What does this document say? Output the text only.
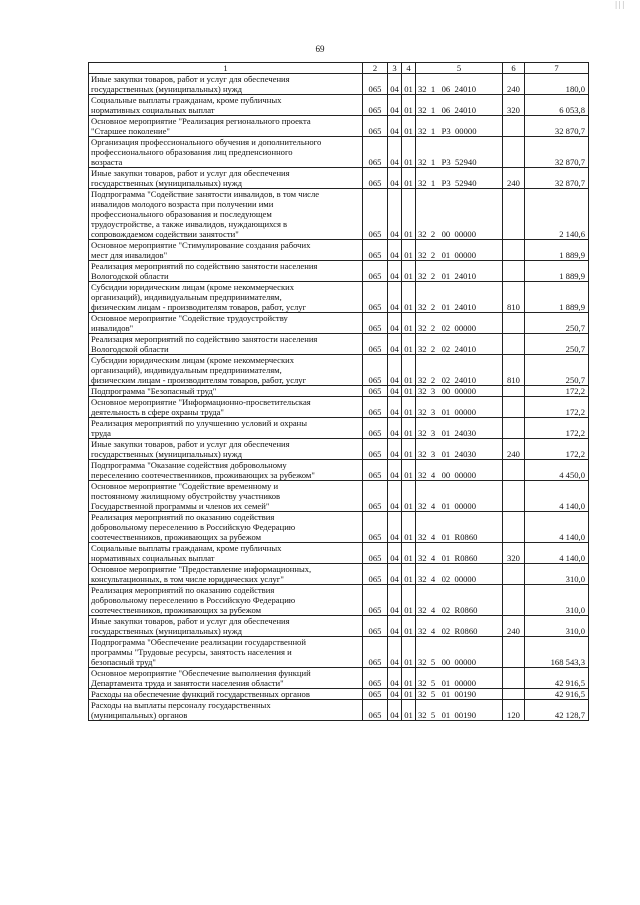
| | |
69
1	2	3	4	5	6	7
Иные закупки товаров, работ и услуг для обеспечения
государственных (муниципальных) нужд	065	04	01	32  1   06  24010	240	180,0
Социальные выплаты гражданам, кроме публичных
нормативных социальных выплат	065	04	01	32  1   06  24010	320	6 053,8
Основное мероприятие "Реализация регионального проекта
"Старшее поколение"	065	04	01	32  1   Р3  00000		32 870,7
Организация профессионального обучения и дополнительного
профессионального образования лиц предпенсионного
возраста	065	04	01	32  1   Р3  52940		32 870,7
Иные закупки товаров, работ и услуг для обеспечения
государственных (муниципальных) нужд	065	04	01	32  1   Р3  52940	240	32 870,7
Подпрограмма "Содействие занятости инвалидов, в том числе
инвалидов молодого возраста при получении ими
профессионального образования и последующем
трудоустройстве, а также инвалидов, нуждающихся в
сопровождаемом содействии занятости"	065	04	01	32  2   00  00000		2 140,6
Основное мероприятие "Стимулирование создания рабочих
мест для инвалидов"	065	04	01	32  2   01  00000		1 889,9
Реализация мероприятий по содействию занятости населения
Вологодской области	065	04	01	32  2   01  24010		1 889,9
Субсидии юридическим лицам (кроме некоммерческих
организаций), индивидуальным предпринимателям,
физическим лицам - производителям товаров, работ, услуг	065	04	01	32  2   01  24010	810	1 889,9
Основное мероприятие "Содействие трудоустройству
инвалидов"	065	04	01	32  2   02  00000		250,7
Реализация мероприятий по содействию занятости населения
Вологодской области	065	04	01	32  2   02  24010		250,7
Субсидии юридическим лицам (кроме некоммерческих
организаций), индивидуальным предпринимателям,
физическим лицам - производителям товаров, работ, услуг	065	04	01	32  2   02  24010	810	250,7
Подпрограмма "Безопасный труд"	065	04	01	32  3   00  00000		172,2
Основное мероприятие "Информационно-просветительская
деятельность в сфере охраны труда"	065	04	01	32  3   01  00000		172,2
Реализация мероприятий по улучшению условий и охраны
труда	065	04	01	32  3   01  24030		172,2
Иные закупки товаров, работ и услуг для обеспечения
государственных (муниципальных) нужд	065	04	01	32  3   01  24030	240	172,2
Подпрограмма "Оказание содействия добровольному
переселению соотечественников, проживающих за рубежом"	065	04	01	32  4   00  00000		4 450,0
Основное мероприятие "Содействие временному и
постоянному жилищному обустройству участников
Государственной программы и членов их семей"	065	04	01	32  4   01  00000		4 140,0
Реализация мероприятий по оказанию содействия
добровольному переселению в Российскую Федерацию
соотечественников, проживающих за рубежом	065	04	01	32  4   01  R0860		4 140,0
Социальные выплаты гражданам, кроме публичных
нормативных социальных выплат	065	04	01	32  4   01  R0860	320	4 140,0
Основное мероприятие "Предоставление информационных,
консультационных, в том числе юридических услуг"	065	04	01	32  4   02  00000		310,0
Реализация мероприятий по оказанию содействия
добровольному переселению в Российскую Федерацию
соотечественников, проживающих за рубежом	065	04	01	32  4   02  R0860		310,0
Иные закупки товаров, работ и услуг для обеспечения
государственных (муниципальных) нужд	065	04	01	32  4   02  R0860	240	310,0
Подпрограмма "Обеспечение реализации государственной
программы "Трудовые ресурсы, занятость населения и
безопасный труд"	065	04	01	32  5   00  00000		168 543,3
Основное мероприятие "Обеспечение выполнения функций
Департамента труда и занятости населения области"	065	04	01	32  5   01  00000		42 916,5
Расходы на обеспечение функций государственных органов	065	04	01	32  5   01  00190		42 916,5
Расходы на выплаты персоналу государственных
(муниципальных) органов	065	04	01	32  5   01  00190	120	42 128,7
